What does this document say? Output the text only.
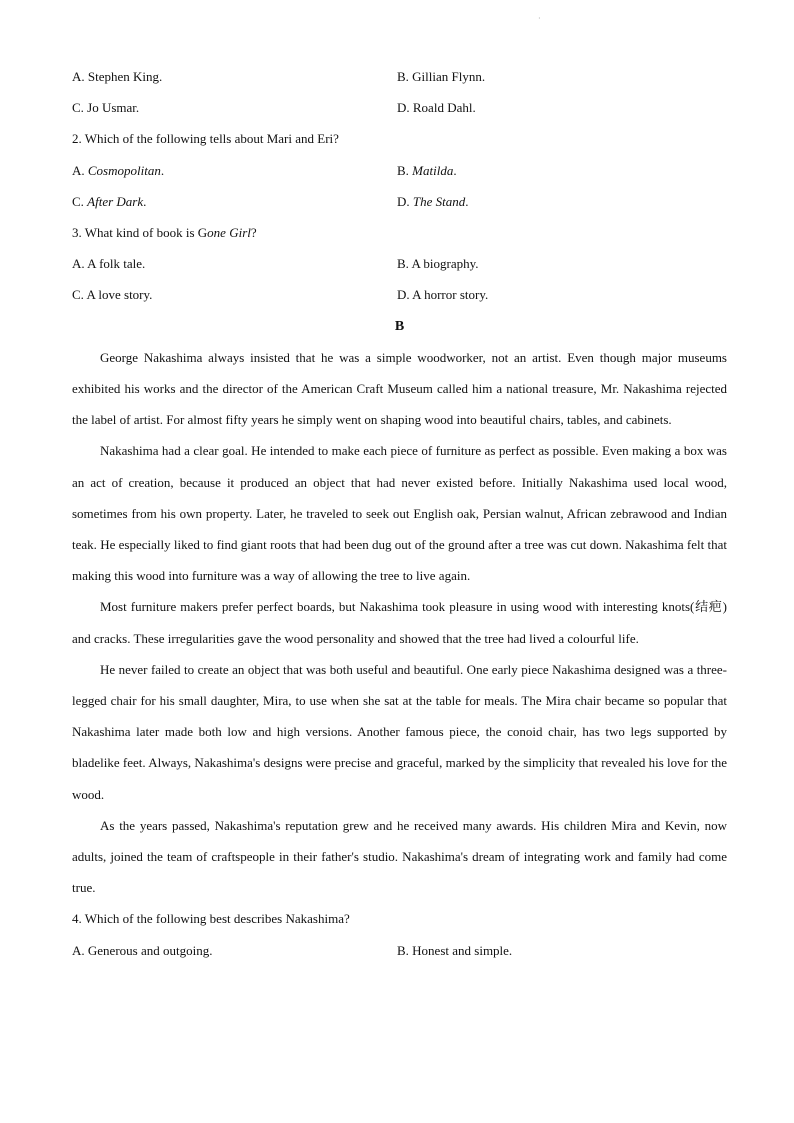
·
A. Stephen King.	B. Gillian Flynn.
C. Jo Usmar.	D. Roald Dahl.
2. Which of the following tells about Mari and Eri?
A. Cosmopolitan.	B. Matilda.
C. After Dark.	D. The Stand.
3. What kind of book is Gone Girl?
A. A folk tale.	B. A biography.
C. A love story.	D. A horror story.
B

George Nakashima always insisted that he was a simple woodworker, not an artist. Even though major museums exhibited his works and the director of the American Craft Museum called him a national treasure, Mr. Nakashima rejected the label of artist. For almost fifty years he simply went on shaping wood into beautiful chairs, tables, and cabinets.

Nakashima had a clear goal. He intended to make each piece of furniture as perfect as possible. Even making a box was an act of creation, because it produced an object that had never existed before. Initially Nakashima used local wood, sometimes from his own property. Later, he traveled to seek out English oak, Persian walnut, African zebrawood and Indian teak. He especially liked to find giant roots that had been dug out of the ground after a tree was cut down. Nakashima felt that making this wood into furniture was a way of allowing the tree to live again.

Most furniture makers prefer perfect boards, but Nakashima took pleasure in using wood with interesting knots(结疤) and cracks. These irregularities gave the wood personality and showed that the tree had lived a colourful life.

He never failed to create an object that was both useful and beautiful. One early piece Nakashima designed was a three-legged chair for his small daughter, Mira, to use when she sat at the table for meals. The Mira chair became so popular that Nakashima later made both low and high versions. Another famous piece, the conoid chair, has two legs supported by bladelike feet. Always, Nakashima's designs were precise and graceful, marked by the simplicity that revealed his love for the wood.

As the years passed, Nakashima's reputation grew and he received many awards. His children Mira and Kevin, now adults, joined the team of craftspeople in their father's studio. Nakashima's dream of integrating work and family had come true.

4. Which of the following best describes Nakashima?
A. Generous and outgoing.	B. Honest and simple.
